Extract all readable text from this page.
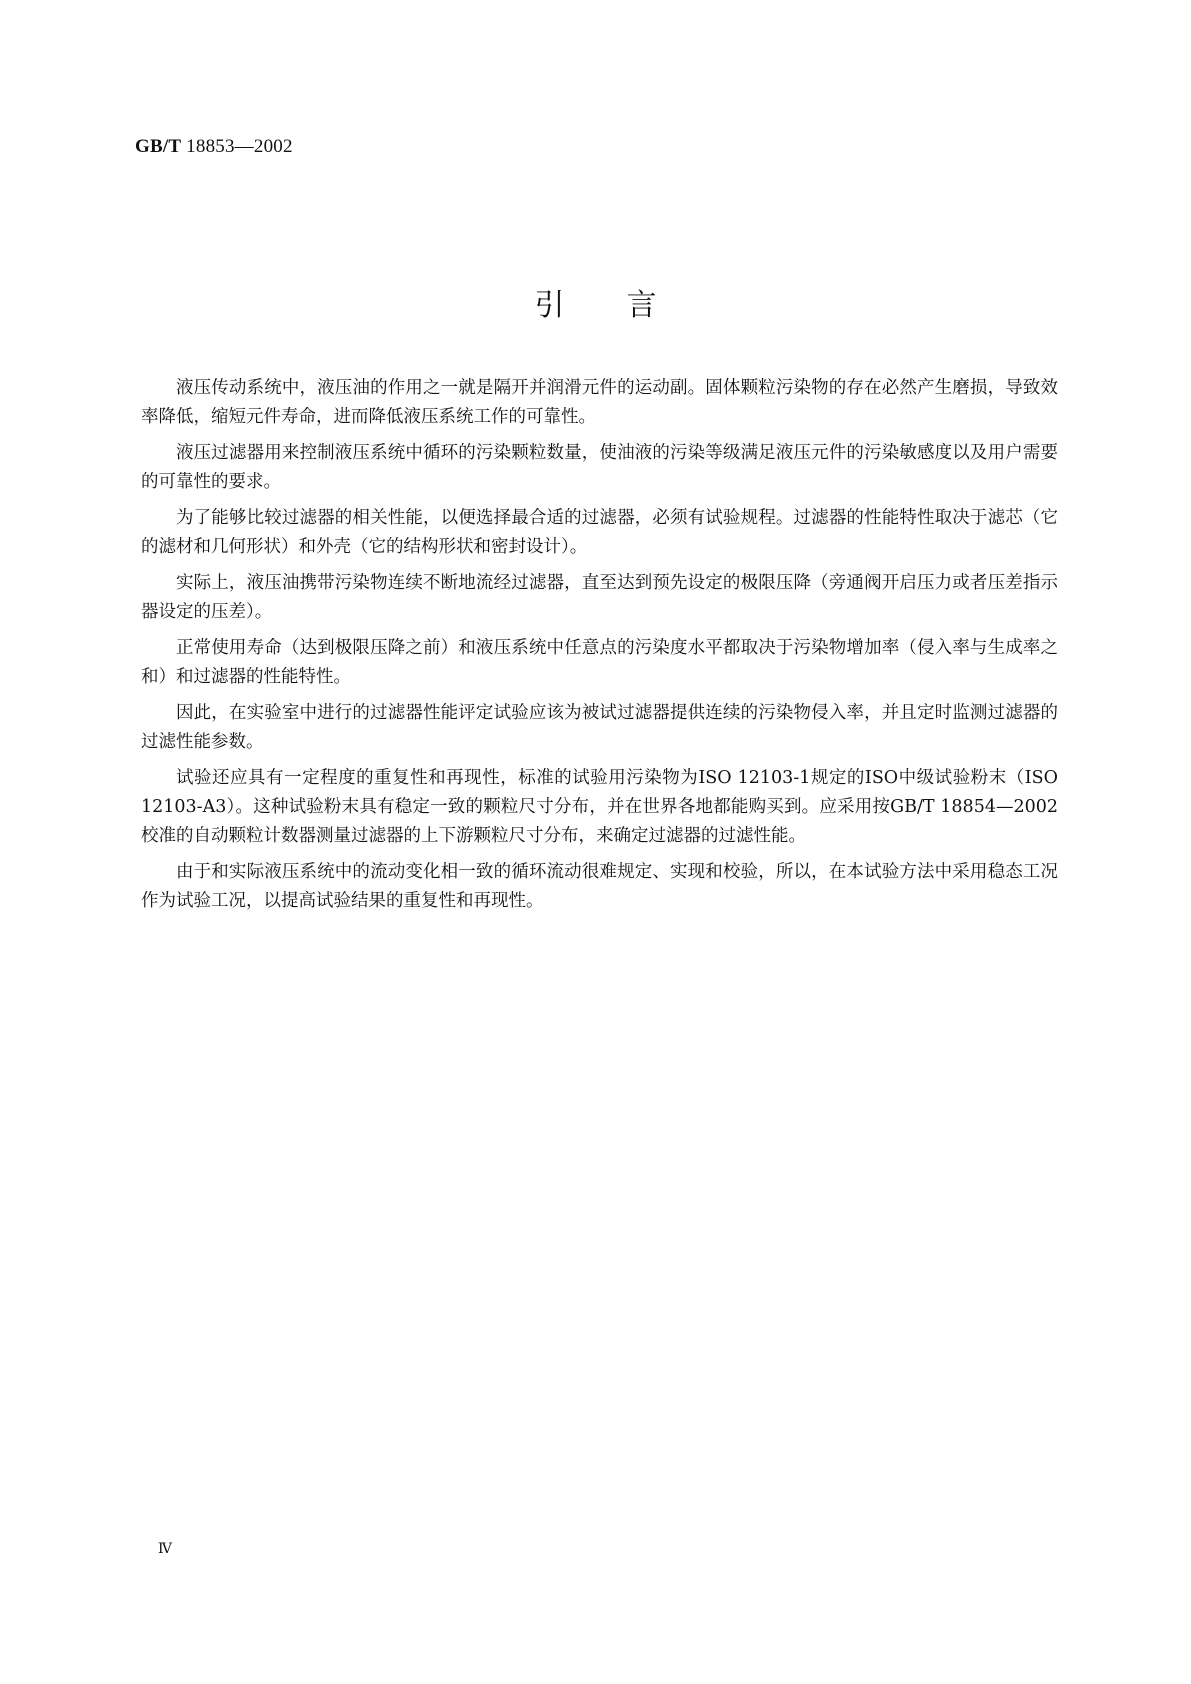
GB/T 18853—2002
引言

液压传动系统中，液压油的作用之一就是隔开并润滑元件的运动副。固体颗粒污染物的存在必然产生磨损，导致效率降低，缩短元件寿命，进而降低液压系统工作的可靠性。

液压过滤器用来控制液压系统中循环的污染颗粒数量，使油液的污染等级满足液压元件的污染敏感度以及用户需要的可靠性的要求。

为了能够比较过滤器的相关性能，以便选择最合适的过滤器，必须有试验规程。过滤器的性能特性取决于滤芯（它的滤材和几何形状）和外壳（它的结构形状和密封设计）。

实际上，液压油携带污染物连续不断地流经过滤器，直至达到预先设定的极限压降（旁通阀开启压力或者压差指示器设定的压差）。

正常使用寿命（达到极限压降之前）和液压系统中任意点的污染度水平都取决于污染物增加率（侵入率与生成率之和）和过滤器的性能特性。

因此，在实验室中进行的过滤器性能评定试验应该为被试过滤器提供连续的污染物侵入率，并且定时监测过滤器的过滤性能参数。

试验还应具有一定程度的重复性和再现性，标准的试验用污染物为ISO 12103-1规定的ISO中级试验粉末（ISO 12103-A3）。这种试验粉末具有稳定一致的颗粒尺寸分布，并在世界各地都能购买到。应采用按GB/T 18854—2002校准的自动颗粒计数器测量过滤器的上下游颗粒尺寸分布，来确定过滤器的过滤性能。

由于和实际液压系统中的流动变化相一致的循环流动很难规定、实现和校验，所以，在本试验方法中采用稳态工况作为试验工况，以提高试验结果的重复性和再现性。

Ⅳ
